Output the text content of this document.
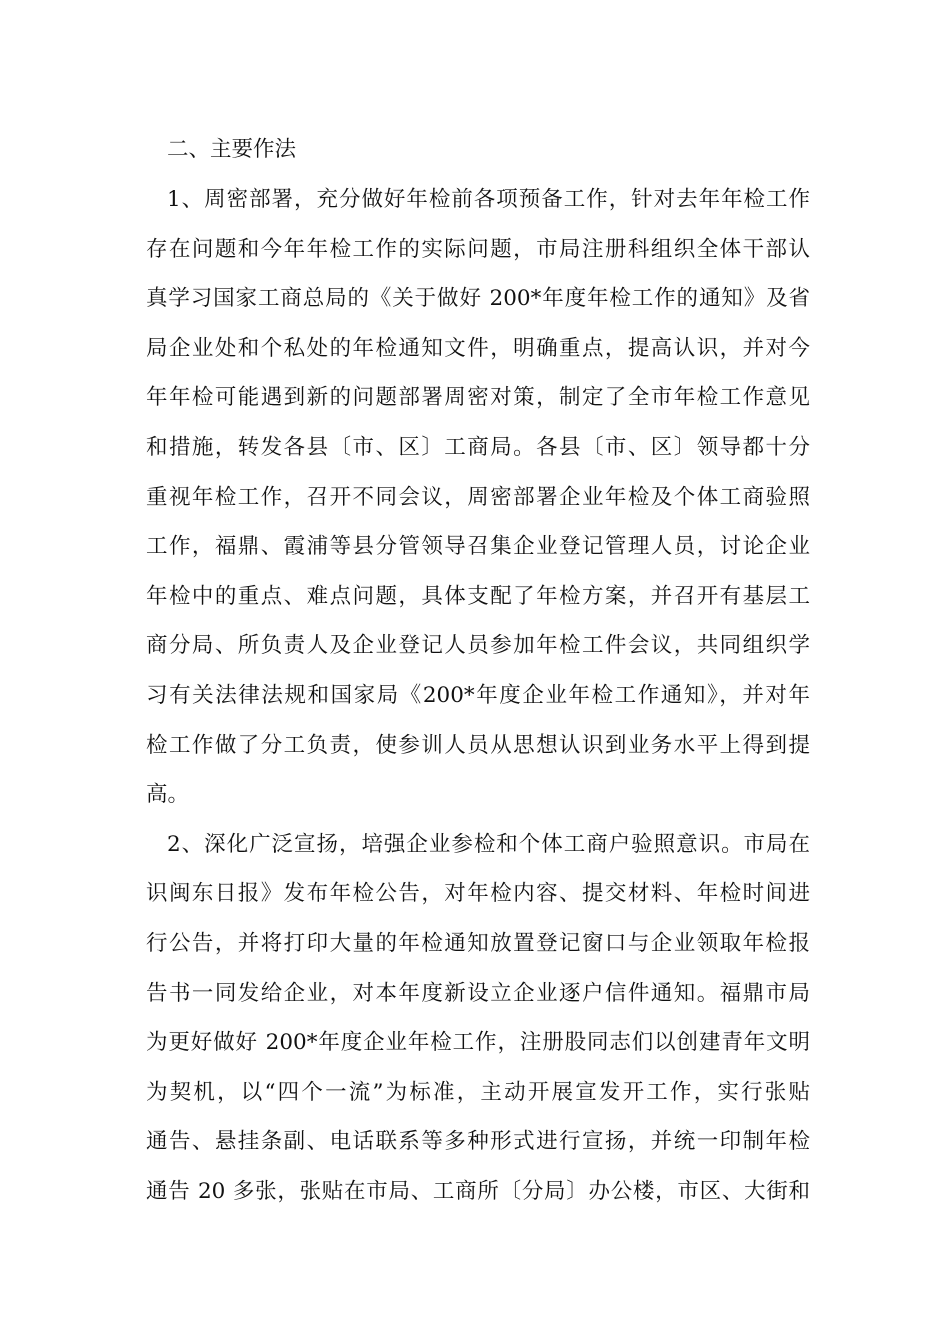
二、主要作法
1、周密部署，充分做好年检前各项预备工作，针对去年年检工作
存在问题和今年年检工作的实际问题，市局注册科组织全体干部认
真学习国家工商总局的《关于做好 200*年度年检工作的通知》及省
局企业处和个私处的年检通知文件，明确重点，提高认识，并对今
年年检可能遇到新的问题部署周密对策，制定了全市年检工作意见
和措施，转发各县〔市、区〕工商局。各县〔市、区〕领导都十分
重视年检工作，召开不同会议，周密部署企业年检及个体工商验照
工作，福鼎、霞浦等县分管领导召集企业登记管理人员，讨论企业
年检中的重点、难点问题，具体支配了年检方案，并召开有基层工
商分局、所负责人及企业登记人员参加年检工件会议，共同组织学
习有关法律法规和国家局《200*年度企业年检工作通知》，并对年
检工作做了分工负责，使参训人员从思想认识到业务水平上得到提
高。
2、深化广泛宣扬，培强企业参检和个体工商户验照意识。市局在
识闽东日报》发布年检公告，对年检内容、提交材料、年检时间进
行公告，并将打印大量的年检通知放置登记窗口与企业领取年检报
告书一同发给企业，对本年度新设立企业逐户信件通知。福鼎市局
为更好做好 200*年度企业年检工作，注册股同志们以创建青年文明
为契机，以“四个一流”为标准，主动开展宣发开工作，实行张贴
通告、悬挂条副、电话联系等多种形式进行宣扬，并统一印制年检
通告 20 多张，张贴在市局、工商所〔分局〕办公楼，市区、大街和
